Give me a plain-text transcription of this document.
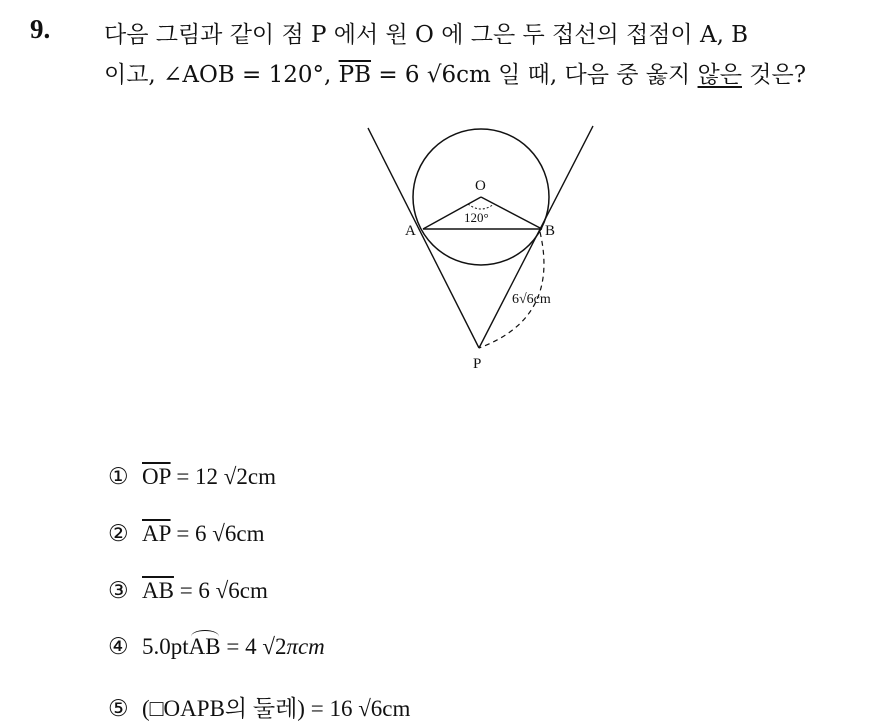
9. 다음 그림과 같이 점 P 에서 원 O 에 그은 두 접선의 접점이 A, B
이고, ∠AOB = 120°, $\overline{PB} = 6$ √6cm 일 때, 다음 중 옳지 않은 것은?
O
120°
A	B
6√6cm
P
① $\overline{OP} = 12$ √2cm
② $\overline{AP} = 6$ √6cm
③ $\overline{AB} = 6$ √6cm
④ 5.0ptAB = 4 √2πcm
⑤ (□OAPB의 둘레) = 16 √6cm
